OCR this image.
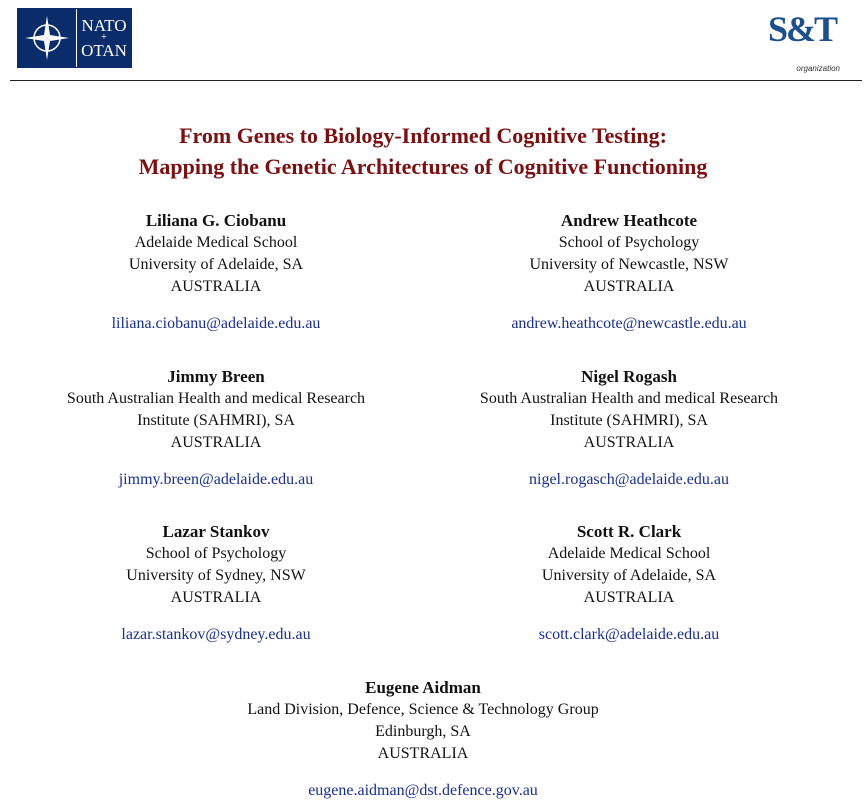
NATO
+
OTAN
S&T
organization
From Genes to Biology-Informed Cognitive Testing:
Mapping the Genetic Architectures of Cognitive Functioning
Liliana G. Ciobanu
Adelaide Medical School
University of Adelaide, SA
AUSTRALIA
liliana.ciobanu@adelaide.edu.au
Andrew Heathcote
School of Psychology
University of Newcastle, NSW
AUSTRALIA
andrew.heathcote@newcastle.edu.au
Jimmy Breen
South Australian Health and medical Research
Institute (SAHMRI), SA
AUSTRALIA
jimmy.breen@adelaide.edu.au
Nigel Rogash
South Australian Health and medical Research
Institute (SAHMRI), SA
AUSTRALIA
nigel.rogasch@adelaide.edu.au
Lazar Stankov
School of Psychology
University of Sydney, NSW
AUSTRALIA
lazar.stankov@sydney.edu.au
Scott R. Clark
Adelaide Medical School
University of Adelaide, SA
AUSTRALIA
scott.clark@adelaide.edu.au
Eugene Aidman
Land Division, Defence, Science & Technology Group
Edinburgh, SA
AUSTRALIA
eugene.aidman@dst.defence.gov.au
